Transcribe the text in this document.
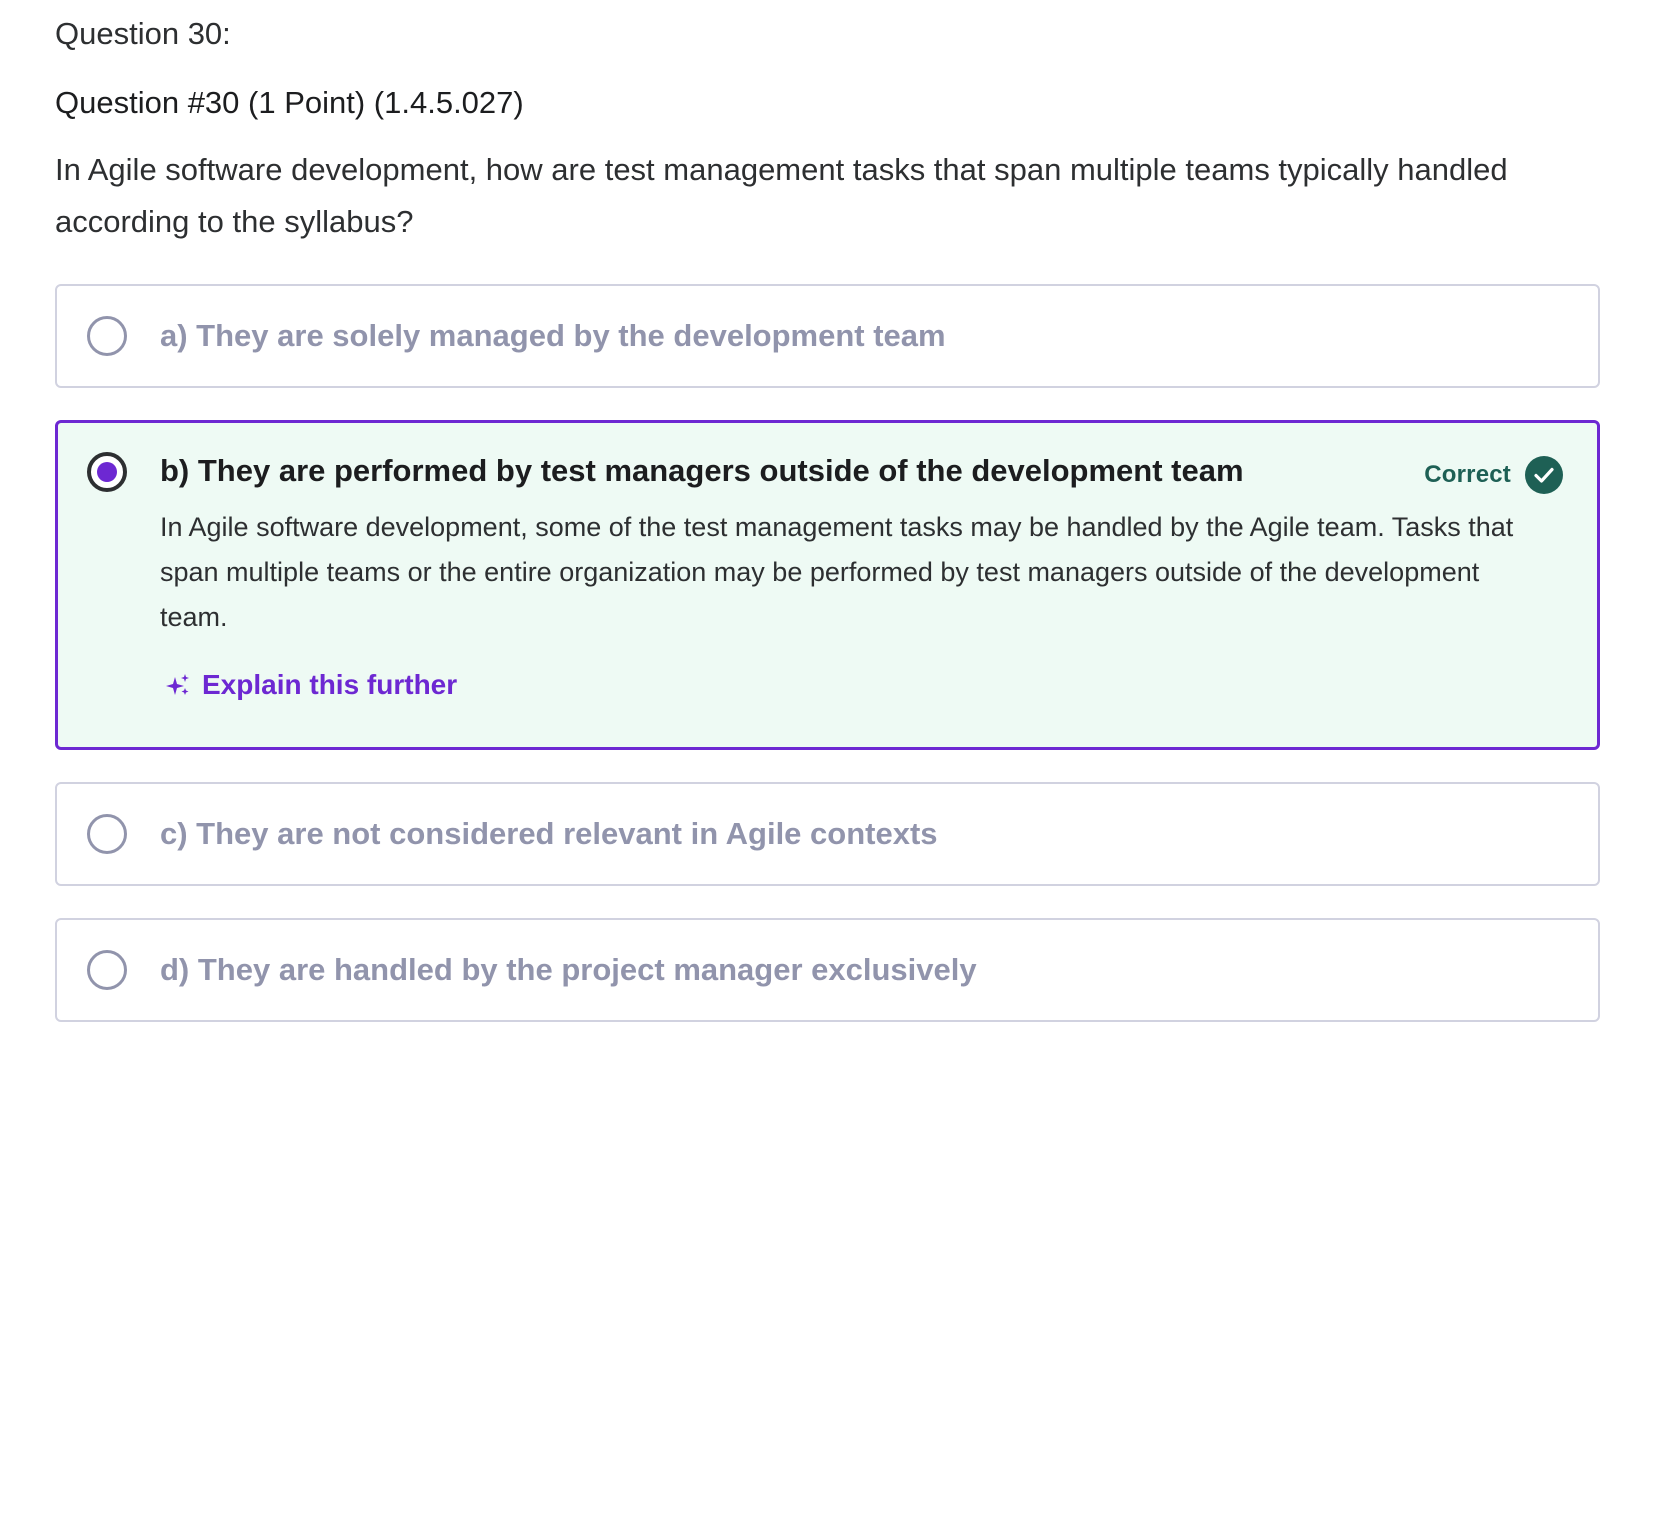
Question 30:
Question #30 (1 Point) (1.4.5.027)
In Agile software development, how are test management tasks that span multiple teams typically handled according to the syllabus?
a) They are solely managed by the development team
b) They are performed by test managers outside of the development team	Correct
In Agile software development, some of the test management tasks may be handled by the Agile team. Tasks that span multiple teams or the entire organization may be performed by test managers outside of the development team.
Explain this further
c) They are not considered relevant in Agile contexts
d) They are handled by the project manager exclusively
